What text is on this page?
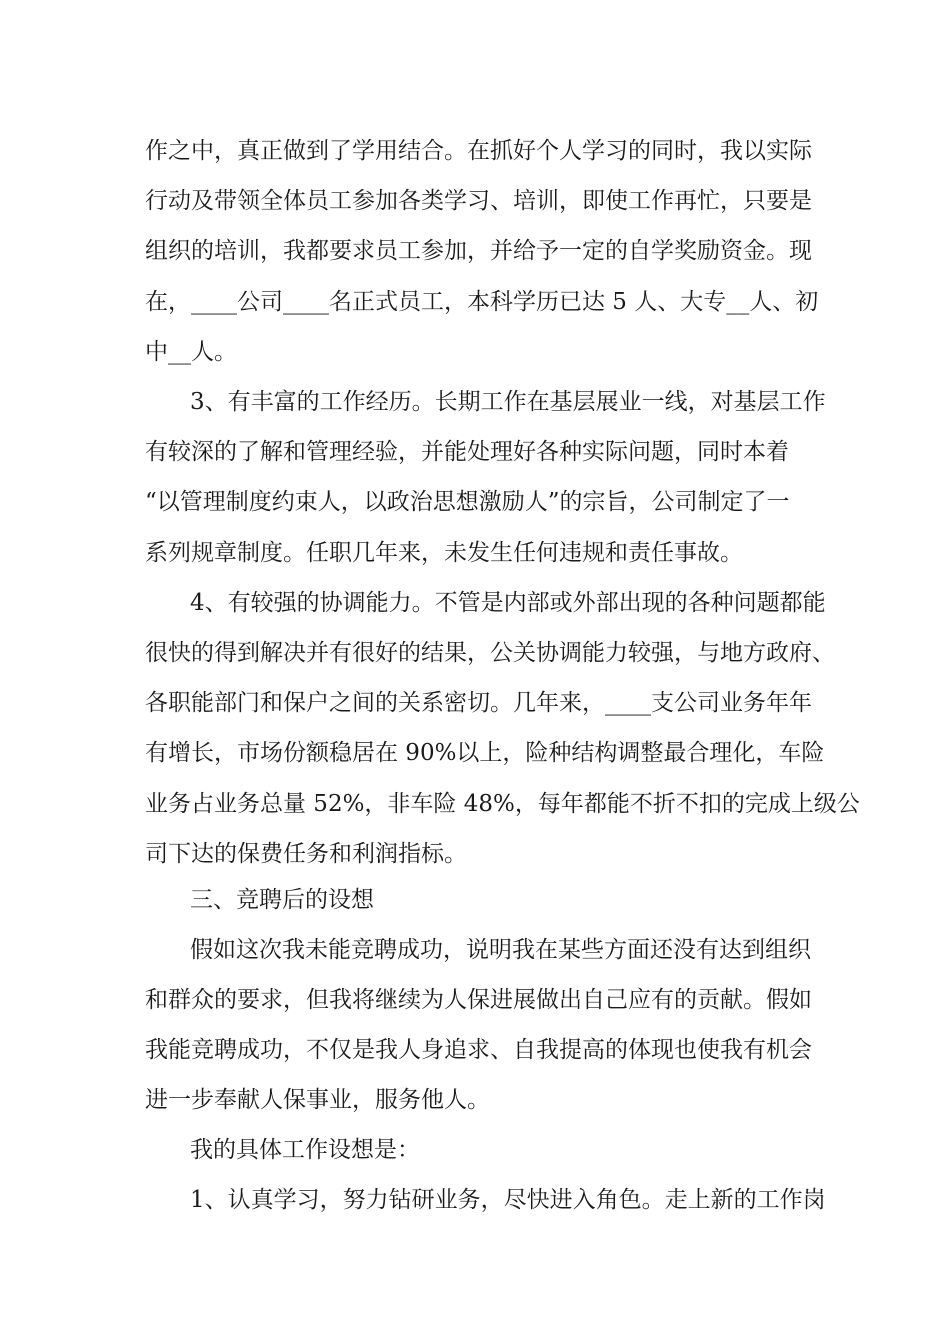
作之中，真正做到了学用结合。在抓好个人学习的同时，我以实际
行动及带领全体员工参加各类学习、培训，即使工作再忙，只要是
组织的培训，我都要求员工参加，并给予一定的自学奖励资金。现
在，____公司____名正式员工，本科学历已达 5 人、大专__人、初
中__人。
3、有丰富的工作经历。长期工作在基层展业一线，对基层工作
有较深的了解和管理经验，并能处理好各种实际问题，同时本着
“以管理制度约束人，以政治思想激励人”的宗旨，公司制定了一
系列规章制度。任职几年来，未发生任何违规和责任事故。
4、有较强的协调能力。不管是内部或外部出现的各种问题都能
很快的得到解决并有很好的结果，公关协调能力较强，与地方政府、
各职能部门和保户之间的关系密切。几年来，____支公司业务年年
有增长，市场份额稳居在 90%以上，险种结构调整最合理化，车险
业务占业务总量 52%，非车险 48%，每年都能不折不扣的完成上级公
司下达的保费任务和利润指标。
三、竞聘后的设想
假如这次我未能竞聘成功，说明我在某些方面还没有达到组织
和群众的要求，但我将继续为人保进展做出自己应有的贡献。假如
我能竞聘成功，不仅是我人身追求、自我提高的体现也使我有机会
进一步奉献人保事业，服务他人。
我的具体工作设想是：
1、认真学习，努力钻研业务，尽快进入角色。走上新的工作岗
